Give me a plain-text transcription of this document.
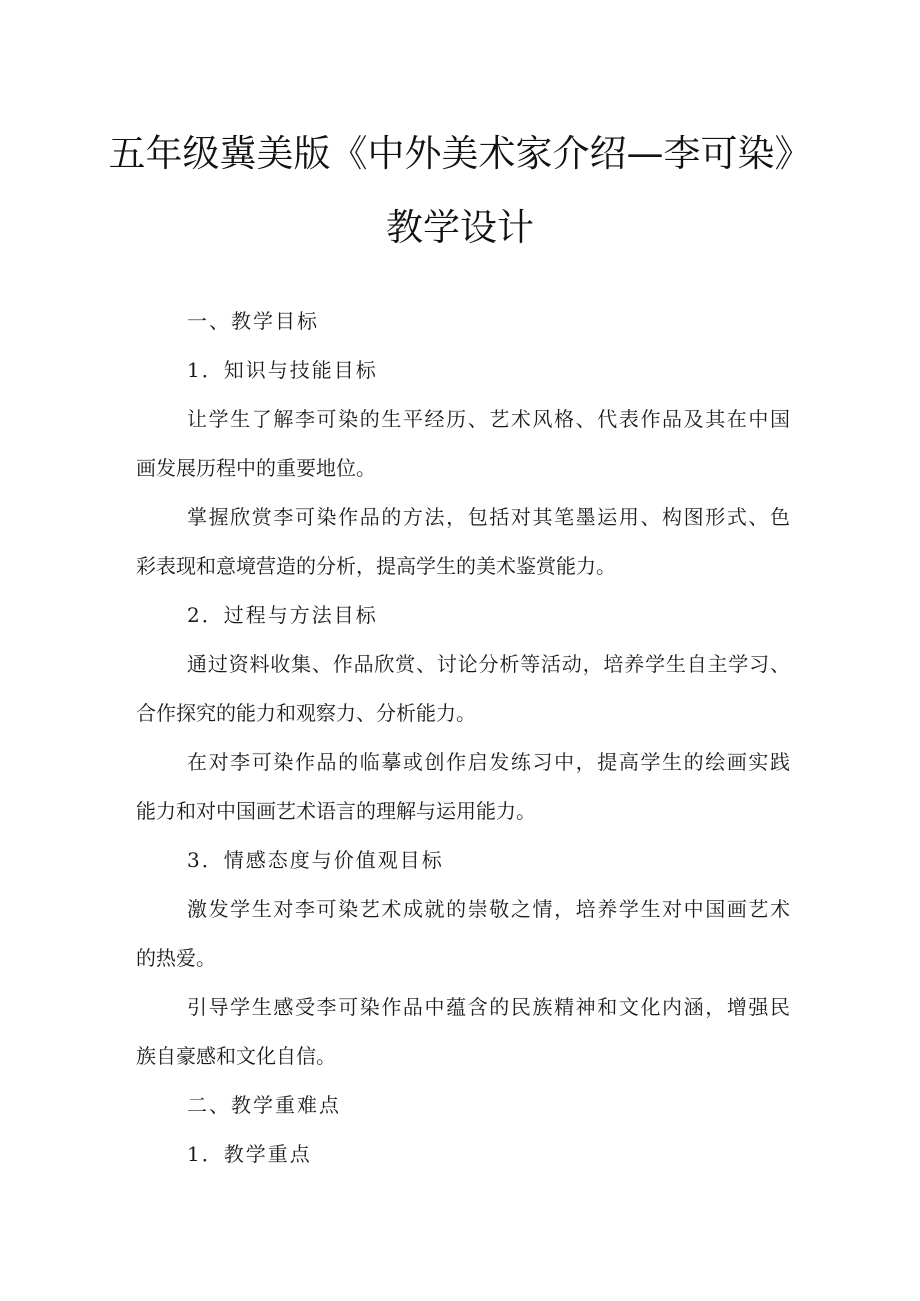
五年级冀美版《中外美术家介绍—李可染》
教学设计
一、教学目标
1．知识与技能目标
让学生了解李可染的生平经历、艺术风格、代表作品及其在中国
画发展历程中的重要地位。
掌握欣赏李可染作品的方法，包括对其笔墨运用、构图形式、色
彩表现和意境营造的分析，提高学生的美术鉴赏能力。
2．过程与方法目标
通过资料收集、作品欣赏、讨论分析等活动，培养学生自主学习、
合作探究的能力和观察力、分析能力。
在对李可染作品的临摹或创作启发练习中，提高学生的绘画实践
能力和对中国画艺术语言的理解与运用能力。
3．情感态度与价值观目标
激发学生对李可染艺术成就的崇敬之情，培养学生对中国画艺术
的热爱。
引导学生感受李可染作品中蕴含的民族精神和文化内涵，增强民
族自豪感和文化自信。
二、教学重难点
1．教学重点
